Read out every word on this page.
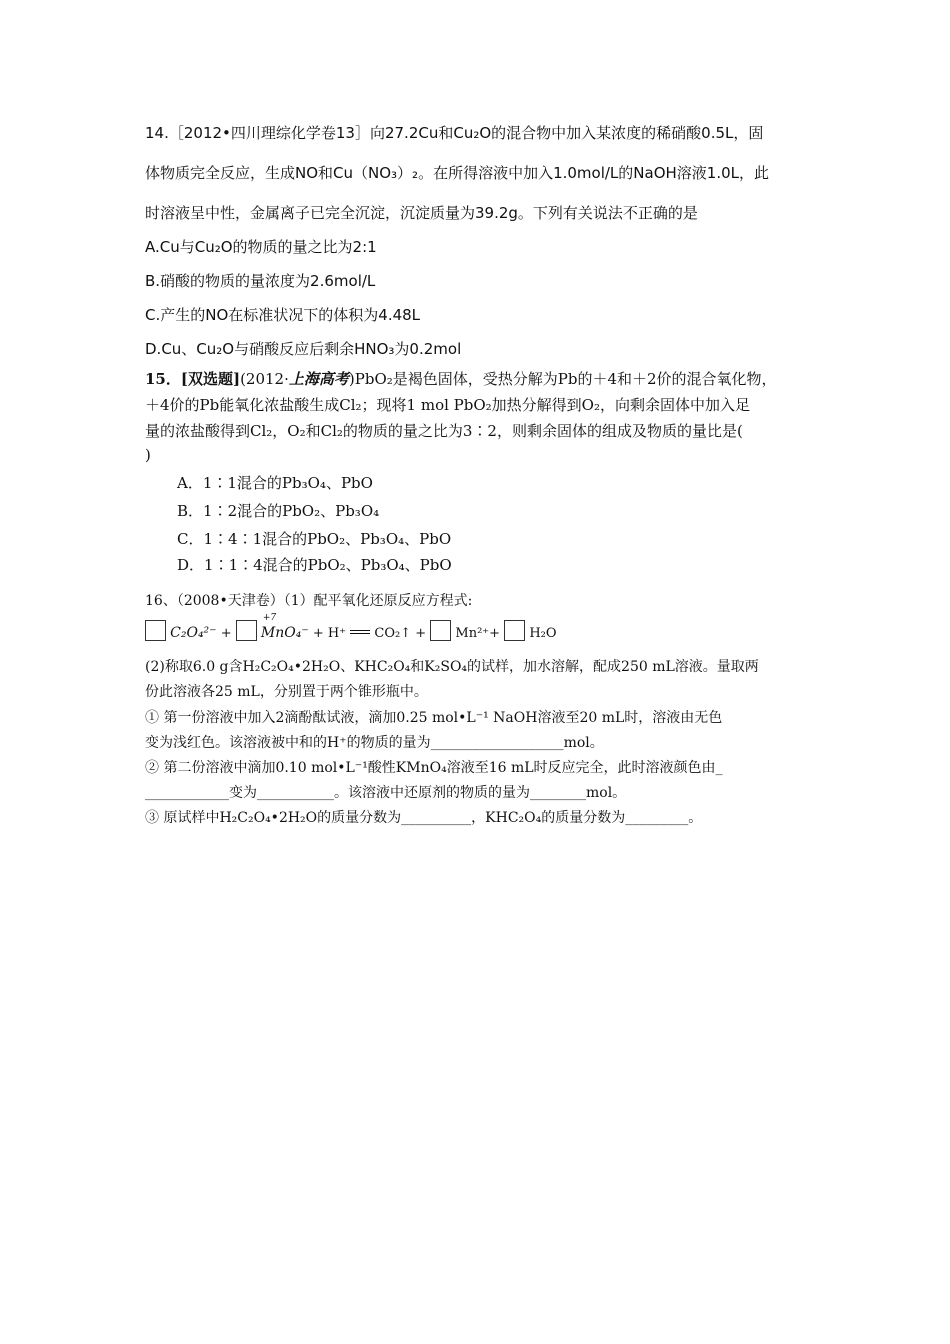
14.［2012•四川理综化学卷13］向27.2Cu和Cu₂O的混合物中加入某浓度的稀硝酸0.5L，固
体物质完全反应，生成NO和Cu（NO₃）₂。在所得溶液中加入1.0mol/L的NaOH溶液1.0L，此
时溶液呈中性，金属离子已完全沉淀，沉淀质量为39.2g。下列有关说法不正确的是
A.Cu与Cu₂O的物质的量之比为2:1
B.硝酸的物质的量浓度为2.6mol/L
C.产生的NO在标准状况下的体积为4.48L
D.Cu、Cu₂O与硝酸反应后剩余HNO₃为0.2mol
15．[双选题](2012·上海高考)PbO₂是褐色固体，受热分解为Pb的＋4和＋2价的混合氧化物，
＋4价的Pb能氧化浓盐酸生成Cl₂；现将1 mol PbO₂加热分解得到O₂，向剩余固体中加入足
量的浓盐酸得到Cl₂，O₂和Cl₂的物质的量之比为3∶2，则剩余固体的组成及物质的量比是(
)
A．1∶1混合的Pb₃O₄、PbO
B．1∶2混合的PbO₂、Pb₃O₄
C．1∶4∶1混合的PbO₂、Pb₃O₄、PbO
D．1∶1∶4混合的PbO₂、Pb₃O₄、PbO
16、（2008•天津卷）（1）配平氧化还原反应方程式:
C₂O₄²⁻ +
+7
MnO₄⁻ + H⁺ CO₂↑ + Mn²⁺+ H₂O
(2)称取6.0 g含H₂C₂O₄•2H₂O、KHC₂O₄和K₂SO₄的试样，加水溶解，配成250 mL溶液。量取两
份此溶液各25 mL，分别置于两个锥形瓶中。
① 第一份溶液中加入2滴酚酞试液，滴加0.25 mol•L⁻¹ NaOH溶液至20 mL时，溶液由无色
变为浅红色。该溶液被中和的H⁺的物质的量为___________________mol。
② 第二份溶液中滴加0.10 mol•L⁻¹酸性KMnO₄溶液至16 mL时反应完全，此时溶液颜色由_
____________变为___________。该溶液中还原剂的物质的量为________mol。
③ 原试样中H₂C₂O₄•2H₂O的质量分数为__________，KHC₂O₄的质量分数为_________。
